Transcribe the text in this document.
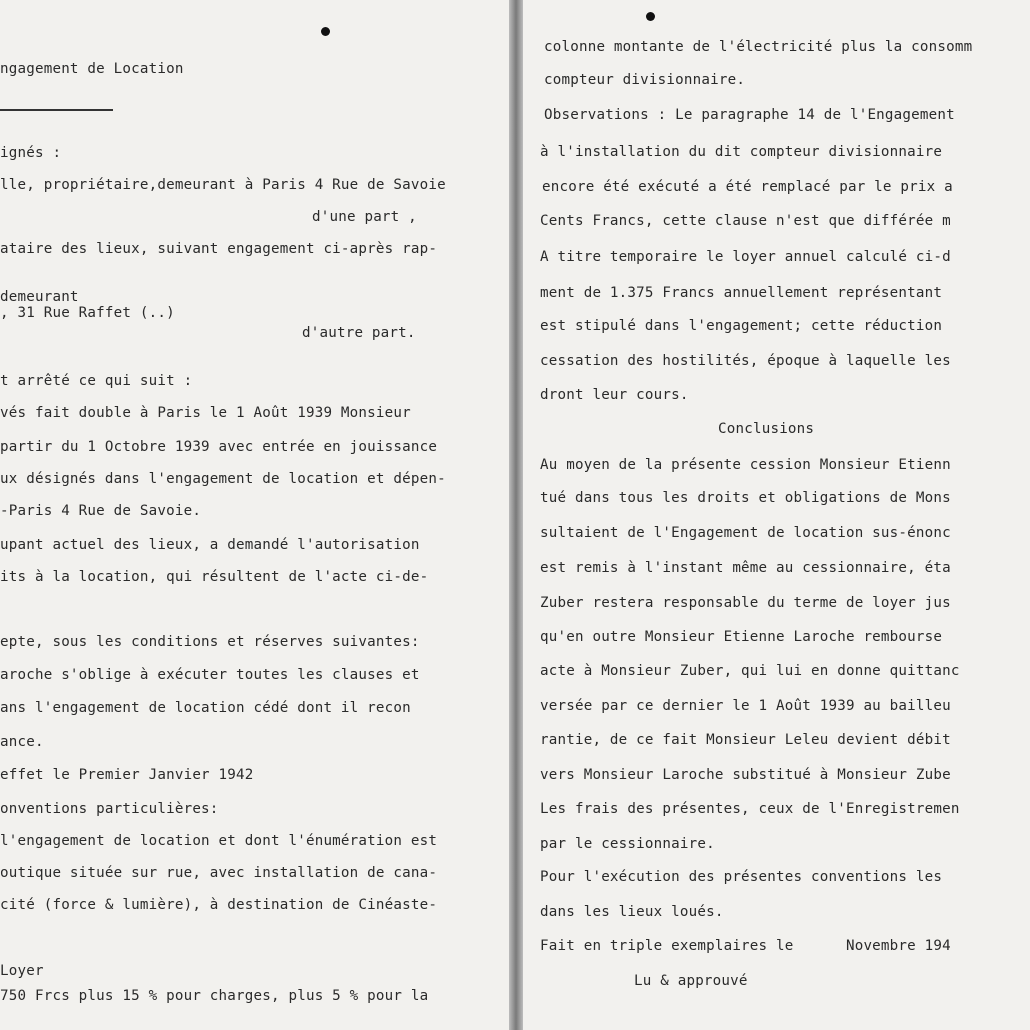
ngagement de Location
ignés :
lle, propriétaire,demeurant à Paris 4 Rue de Savoie
d'une part ,
ataire des lieux, suivant engagement ci-après rap-
demeurant
, 31 Rue Raffet (..)
d'autre part.
t arrêté ce qui suit :
vés fait double à Paris le 1 Août 1939 Monsieur
partir du 1 Octobre 1939 avec entrée en jouissance
ux désignés dans l'engagement de location et dépen-
-Paris 4 Rue de Savoie.
upant actuel des lieux, a demandé l'autorisation
its à la location, qui résultent de l'acte ci-de-
epte, sous les conditions et réserves suivantes:
aroche s'oblige à exécuter toutes les clauses et
ans l'engagement de location cédé dont il recon
ance.
effet le Premier Janvier 1942
onventions particulières:
l'engagement de location et dont l'énumération est
outique située sur rue, avec installation de cana-
cité (force & lumière), à destination de Cinéaste-
Loyer
750 Frcs plus 15 % pour charges, plus 5 % pour la
colonne montante de l'électricité plus la consomm
compteur divisionnaire.
Observations : Le paragraphe 14 de l'Engagement
à l'installation du dit compteur divisionnaire
encore été exécuté a été remplacé par le prix a
Cents Francs, cette clause n'est que différée m
A titre temporaire le loyer annuel calculé ci-d
ment de 1.375 Francs annuellement représentant
est stipulé dans l'engagement; cette réduction
cessation des hostilités, époque à laquelle les
dront leur cours.
Conclusions
Au moyen de la présente cession Monsieur Etienn
tué dans tous les droits et obligations de Mons
sultaient de l'Engagement de location sus-énonc
est remis à l'instant même au cessionnaire, éta
Zuber restera responsable du terme de loyer jus
qu'en outre Monsieur Etienne Laroche rembourse
acte à Monsieur Zuber, qui lui en donne quittanc
versée par ce dernier le 1 Août 1939 au bailleu
rantie, de ce fait Monsieur Leleu devient débit
vers Monsieur Laroche substitué à Monsieur Zube
Les frais des présentes, ceux de l'Enregistremen
par le cessionnaire.
Pour l'exécution des présentes conventions les
dans les lieux loués.
Fait en triple exemplaires le      Novembre 194
Lu & approuvé
